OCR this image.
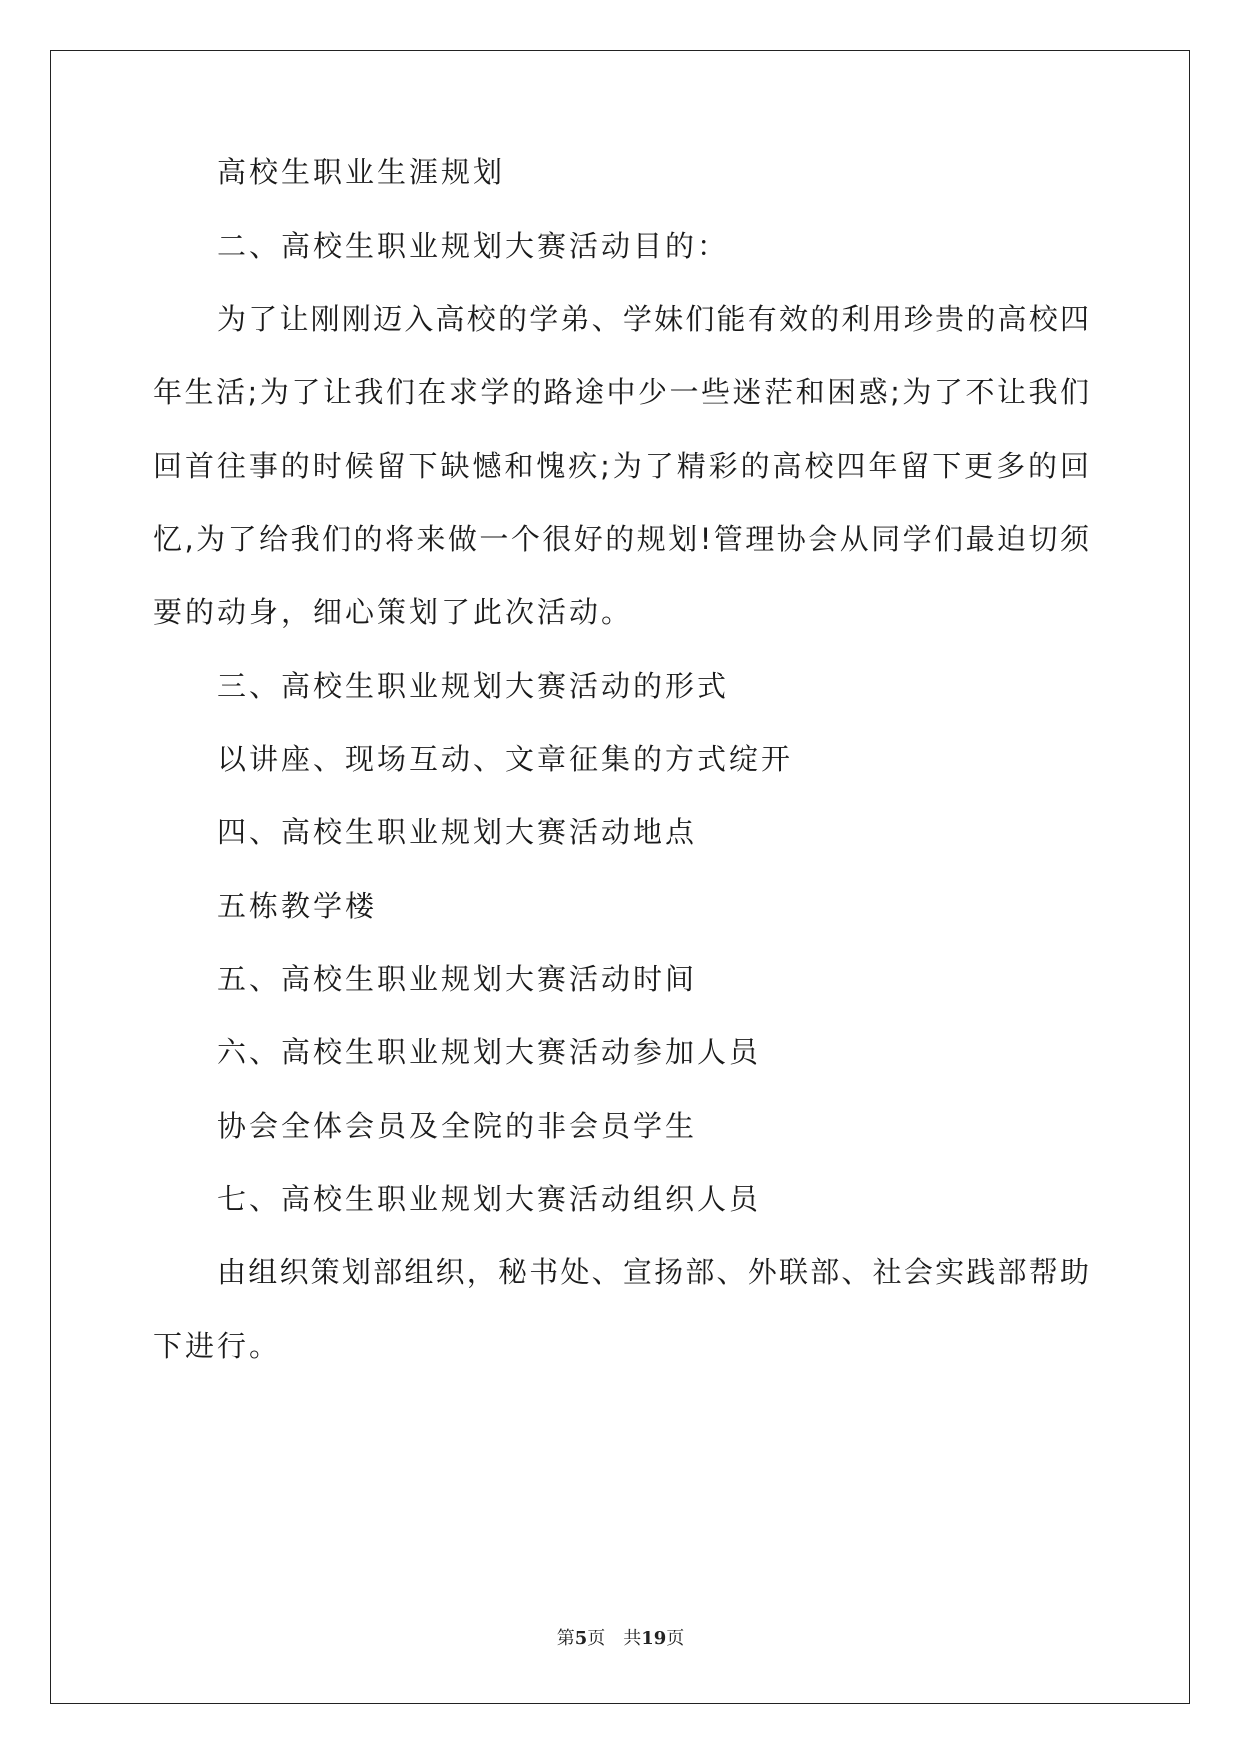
高校生职业生涯规划
二、高校生职业规划大赛活动目的：
为了让刚刚迈入高校的学弟、学妹们能有效的利用珍贵的高校四
年生活;为了让我们在求学的路途中少一些迷茫和困惑;为了不让我们
回首往事的时候留下缺憾和愧疚;为了精彩的高校四年留下更多的回
忆,为了给我们的将来做一个很好的规划!管理协会从同学们最迫切须
要的动身，细心策划了此次活动。
三、高校生职业规划大赛活动的形式
以讲座、现场互动、文章征集的方式绽开
四、高校生职业规划大赛活动地点
五栋教学楼
五、高校生职业规划大赛活动时间
六、高校生职业规划大赛活动参加人员
协会全体会员及全院的非会员学生
七、高校生职业规划大赛活动组织人员
由组织策划部组织，秘书处、宣扬部、外联部、社会实践部帮助
下进行。
第5页　共19页
